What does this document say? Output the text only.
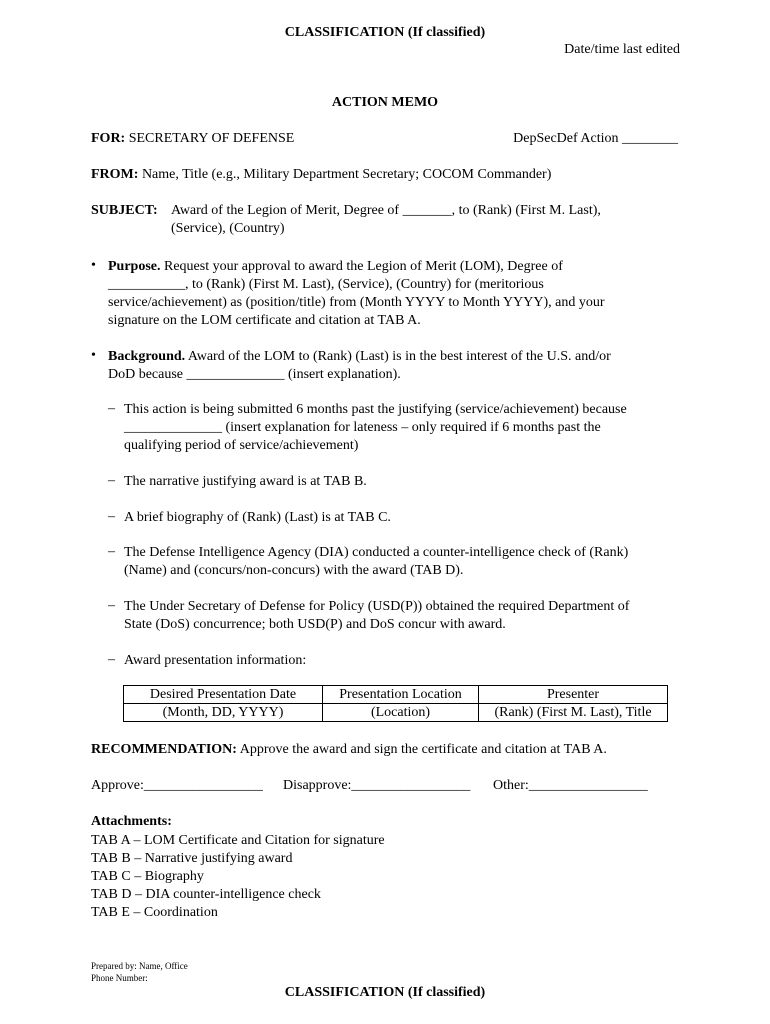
CLASSIFICATION (If classified)
Date/time last edited
ACTION MEMO
FOR: SECRETARY OF DEFENSE	DepSecDef Action ________
FROM: Name, Title (e.g., Military Department Secretary; COCOM Commander)
SUBJECT: Award of the Legion of Merit, Degree of _______, to (Rank) (First M. Last),
(Service), (Country)
• Purpose. Request your approval to award the Legion of Merit (LOM), Degree of
___________, to (Rank) (First M. Last), (Service), (Country) for (meritorious
service/achievement) as (position/title) from (Month YYYY to Month YYYY), and your
signature on the LOM certificate and citation at TAB A.
• Background. Award of the LOM to (Rank) (Last) is in the best interest of the U.S. and/or
DoD because ______________ (insert explanation).
– This action is being submitted 6 months past the justifying (service/achievement) because
______________ (insert explanation for lateness – only required if 6 months past the
qualifying period of service/achievement)
– The narrative justifying award is at TAB B.
– A brief biography of (Rank) (Last) is at TAB C.
– The Defense Intelligence Agency (DIA) conducted a counter-intelligence check of (Rank)
(Name) and (concurs/non-concurs) with the award (TAB D).
– The Under Secretary of Defense for Policy (USD(P)) obtained the required Department of
State (DoS) concurrence; both USD(P) and DoS concur with award.
– Award presentation information:
Desired Presentation Date	Presentation Location	Presenter
(Month, DD, YYYY)	(Location)	(Rank) (First M. Last), Title
RECOMMENDATION: Approve the award and sign the certificate and citation at TAB A.
Approve:_________________ Disapprove:_________________ Other:_________________
Attachments:
TAB A – LOM Certificate and Citation for signature
TAB B – Narrative justifying award
TAB C – Biography
TAB D – DIA counter-intelligence check
TAB E – Coordination
Prepared by: Name, Office
Phone Number:
CLASSIFICATION (If classified)
